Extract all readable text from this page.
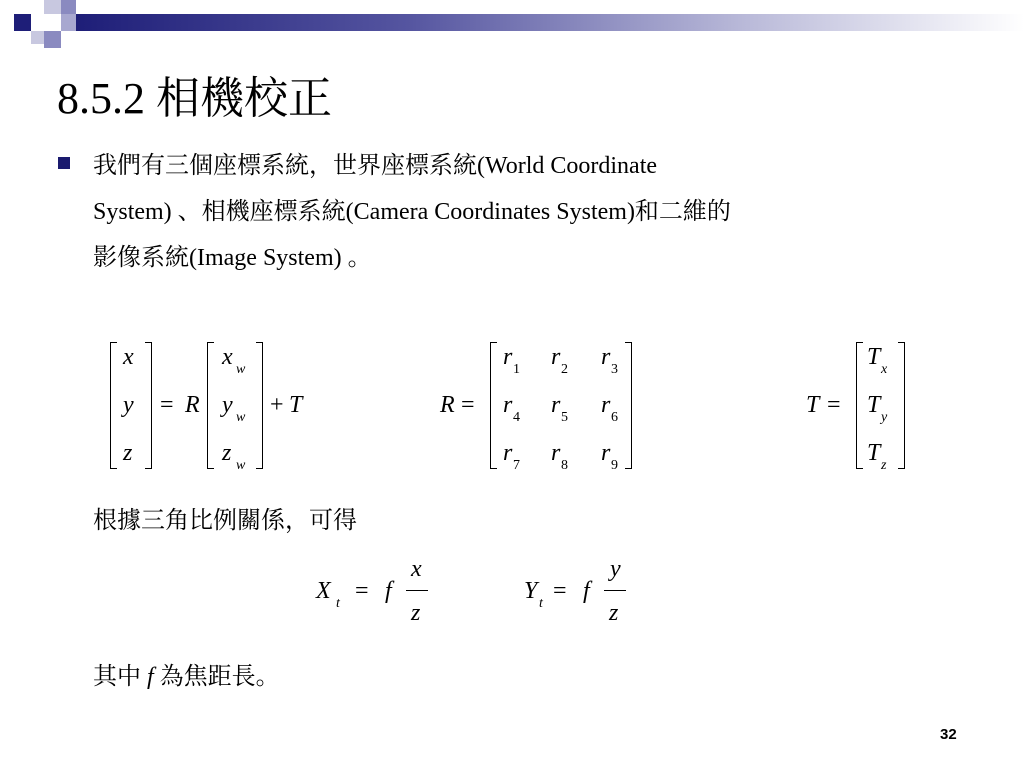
8.5.2 相機校正

我們有三個座標系統，世界座標系統(World Coordinate
System) 、相機座標系統(Camera Coordinates System)和二維的
影像系統(Image System) 。

x
y
z
= R
x w
y w
z w
+ T	R =
r 1 r 2 r 3
r 4 r 5 r 6
r 7 r 8 r 9
T =
T x
T y
T z

根據三角比例關係，可得

X t = f
x
z
Y t = f
y
z

其中 f 為焦距長。

32
